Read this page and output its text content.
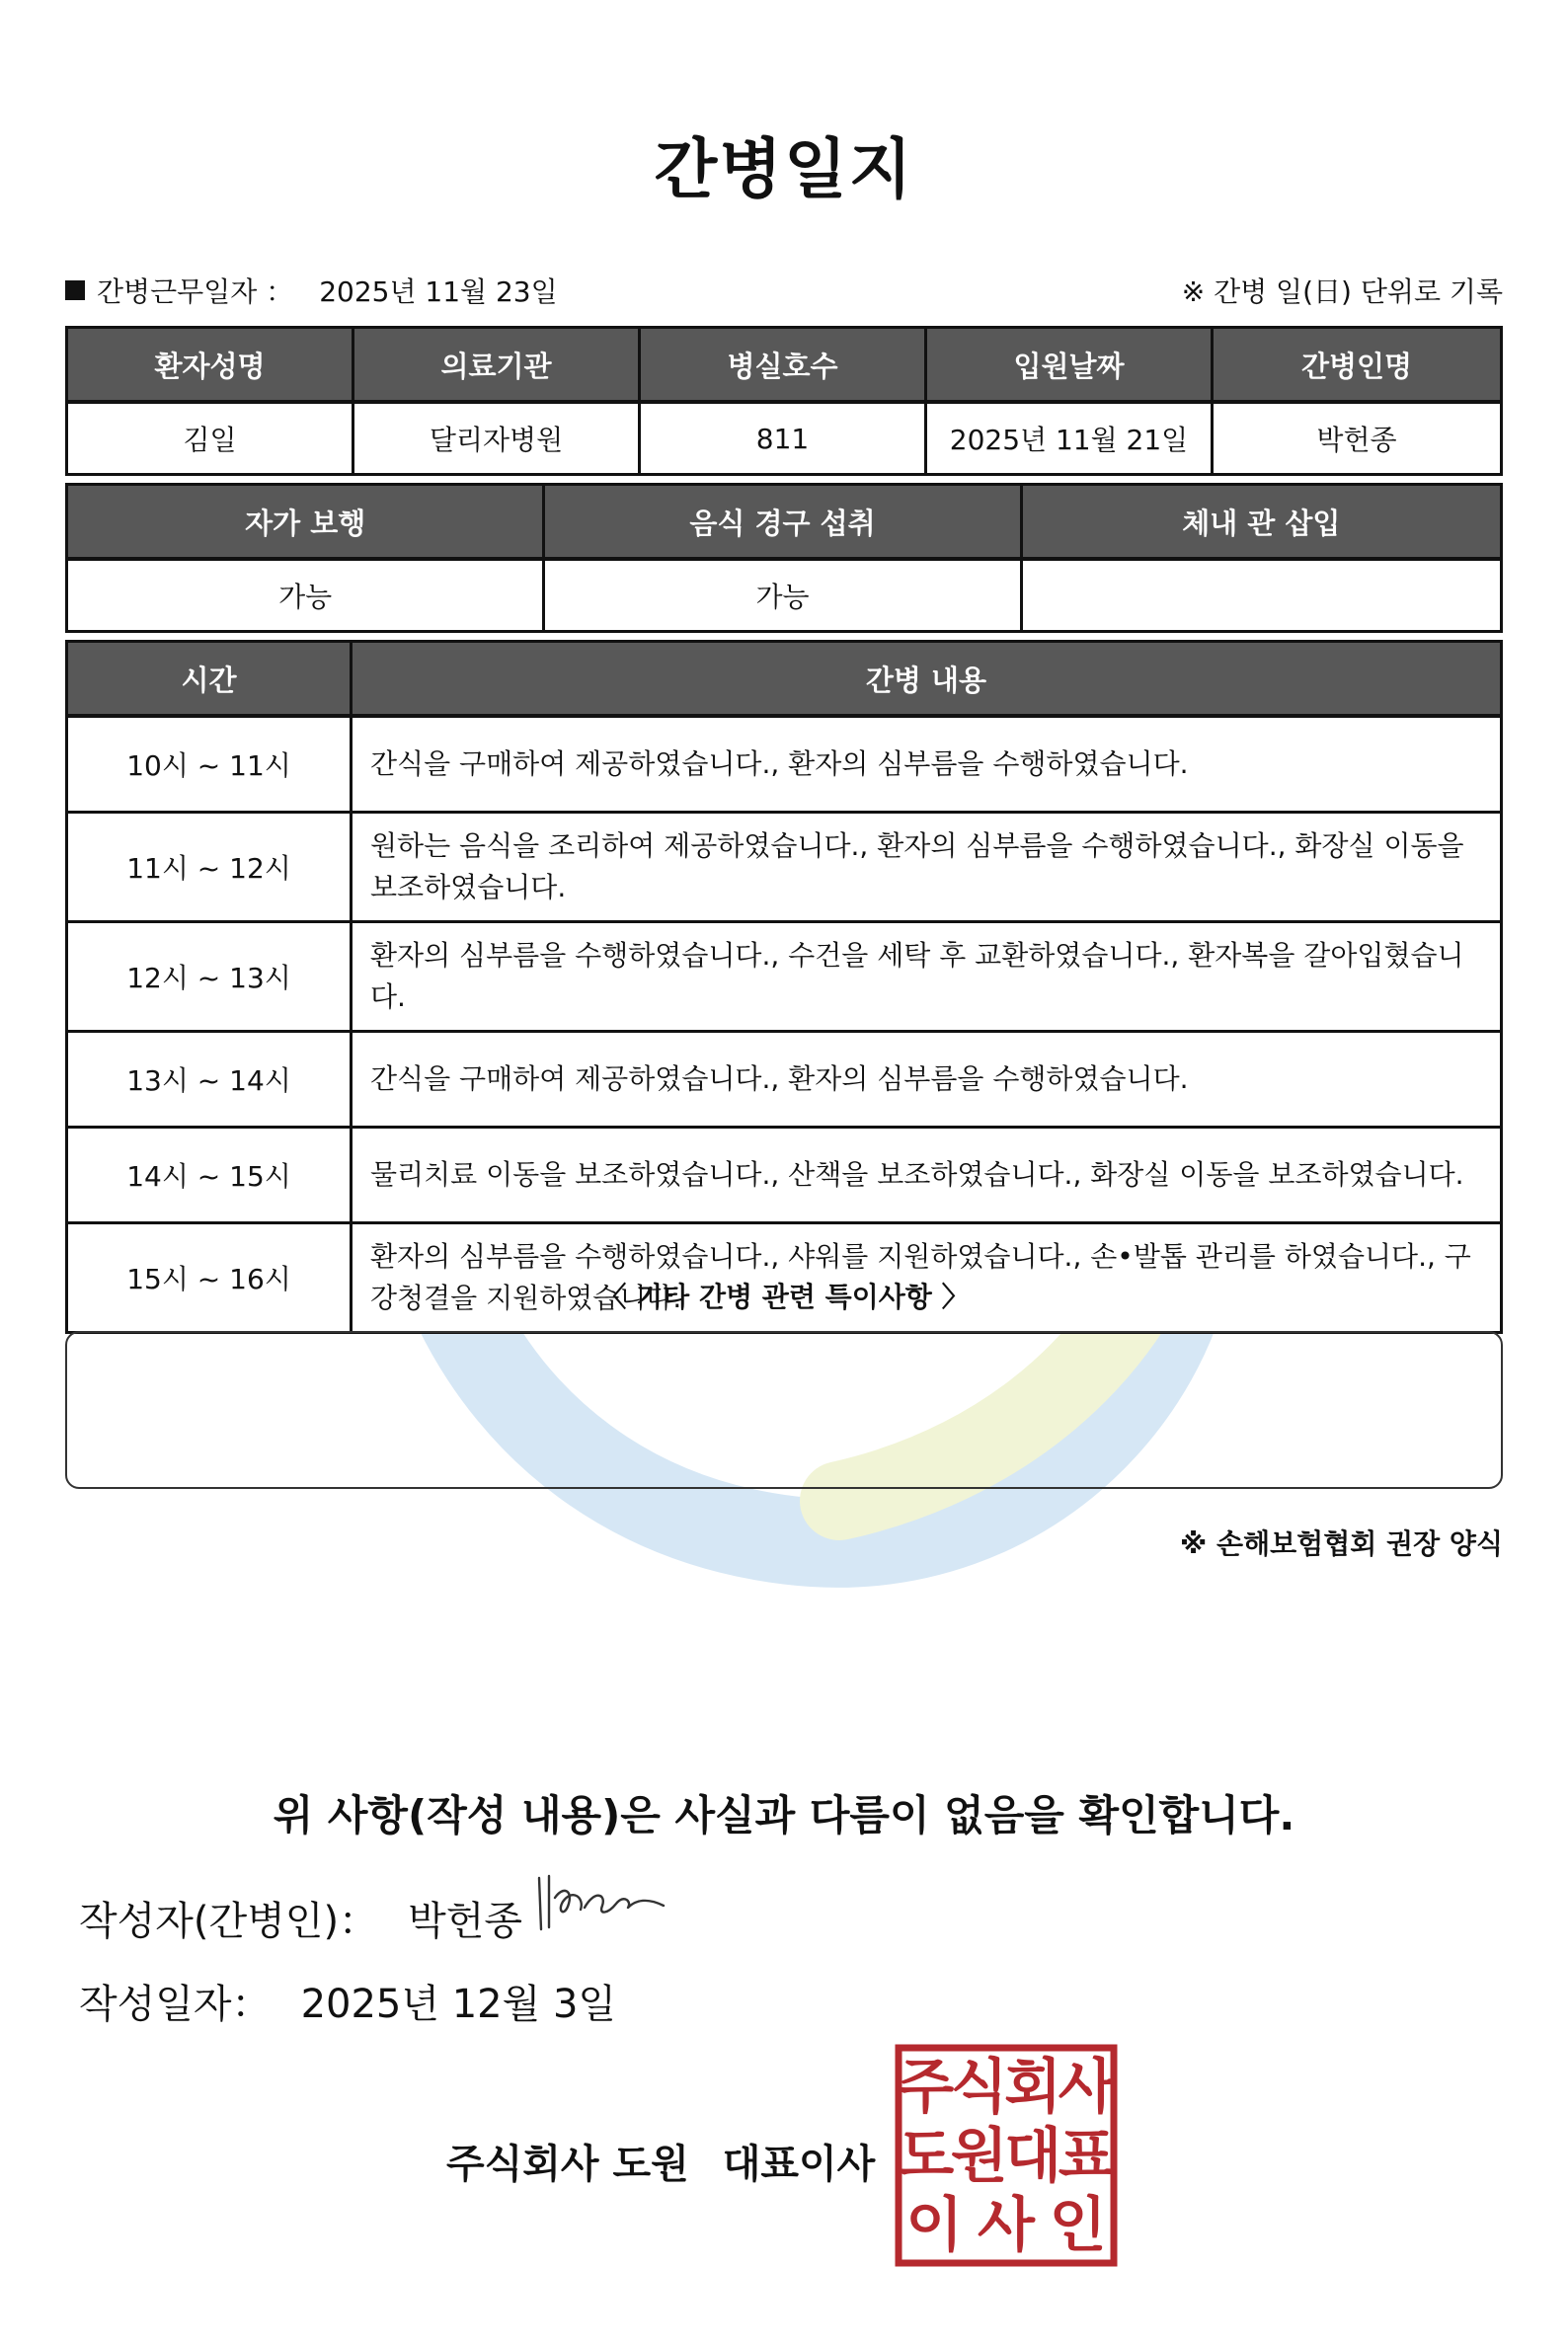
간병일지
간병근무일자 ： 2025년 11월 23일	※ 간병 일(日) 단위로 기록
환자성명	의료기관	병실호수	입원날짜	간병인명
김일	달리자병원	811	2025년 11월 21일	박헌종
자가 보행	음식 경구 섭취	체내 관 삽입
가능	가능	
시간	간병 내용
10시 ~ 11시	간식을 구매하여 제공하였습니다., 환자의 심부름을 수행하였습니다.
11시 ~ 12시	원하는 음식을 조리하여 제공하였습니다., 환자의 심부름을 수행하였습니다., 화장실 이동을 보조하였습니다.
12시 ~ 13시	환자의 심부름을 수행하였습니다., 수건을 세탁 후 교환하였습니다., 환자복을 갈아입혔습니다.
13시 ~ 14시	간식을 구매하여 제공하였습니다., 환자의 심부름을 수행하였습니다.
14시 ~ 15시	물리치료 이동을 보조하였습니다., 산책을 보조하였습니다., 화장실 이동을 보조하였습니다.
15시 ~ 16시	환자의 심부름을 수행하였습니다., 샤워를 지원하였습니다., 손•발톱 관리를 하였습니다., 구강청결을 지원하였습니다.
〈 기타 간병 관련 특이사항 〉
※ 손해보험협회 권장 양식
위 사항(작성 내용)은 사실과 다름이 없음을 확인합니다.
작성자(간병인)： 박헌종
작성일자： 2025년 12월 3일
주식회사 도원 대표이사
주
식
회
사
도
원
대
표
이 사 인
